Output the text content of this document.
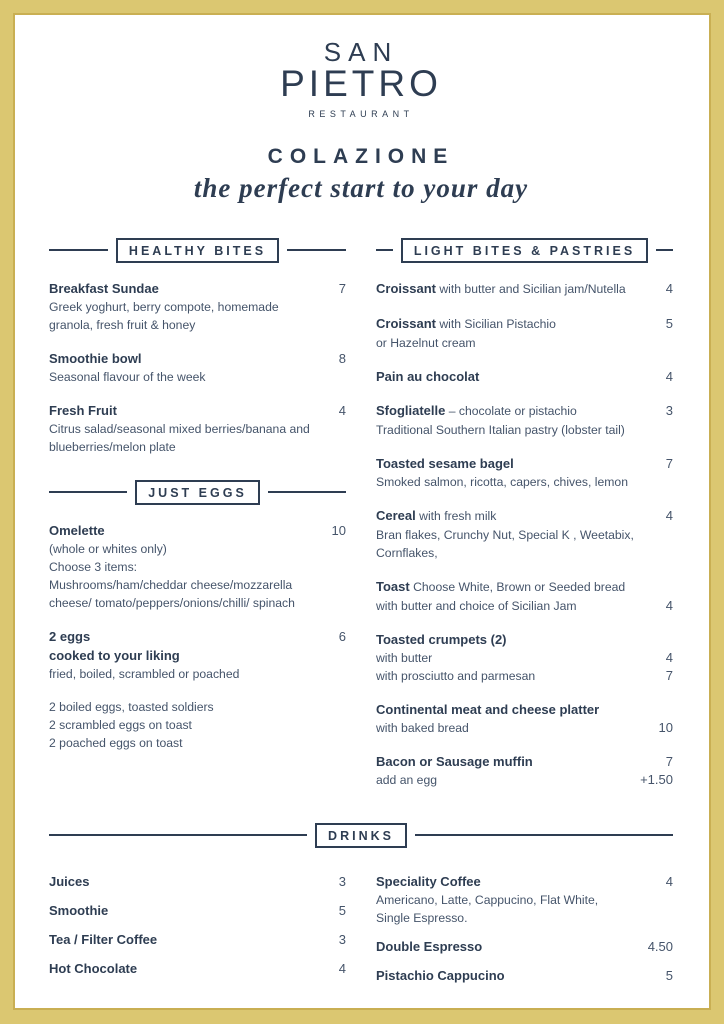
SAN
PIETRO
RESTAURANT
COLAZIONE
the perfect start to your day
HEALTHY BITES
Breakfast Sundae	7
Greek yoghurt, berry compote, homemade
granola, fresh fruit & honey
Smoothie bowl	8
Seasonal flavour of the week
Fresh Fruit	4
Citrus salad/seasonal mixed berries/banana and
blueberries/melon plate
JUST EGGS
Omelette	10
(whole or whites only)
Choose 3 items:
Mushrooms/ham/cheddar cheese/mozzarella
cheese/ tomato/peppers/onions/chilli/ spinach
2 eggs	6
cooked to your liking
fried, boiled, scrambled or poached
2 boiled eggs, toasted soldiers
2 scrambled eggs on toast
2 poached eggs on toast
LIGHT BITES & PASTRIES
Croissant with butter and Sicilian jam/Nutella	4
Croissant with Sicilian Pistachio	5
or Hazelnut cream
Pain au chocolat	4
Sfogliatelle – chocolate or pistachio	3
Traditional Southern Italian pastry (lobster tail)
Toasted sesame bagel	7
Smoked salmon, ricotta, capers, chives, lemon
Cereal with fresh milk	4
Bran flakes, Crunchy Nut, Special K , Weetabix,
Cornflakes,
Toast Choose White, Brown or Seeded bread
with butter and choice of Sicilian Jam	4
Toasted crumpets (2)
with butter	4
with prosciutto and parmesan	7
Continental meat and cheese platter
with baked bread	10
Bacon or Sausage muffin	7
add an egg	+1.50
DRINKS
Juices	3
Smoothie	5
Tea / Filter Coffee	3
Hot Chocolate	4
Speciality Coffee	4
Americano, Latte, Cappucino, Flat White,
Single Espresso.
Double Espresso	4.50
Pistachio Cappucino	5
